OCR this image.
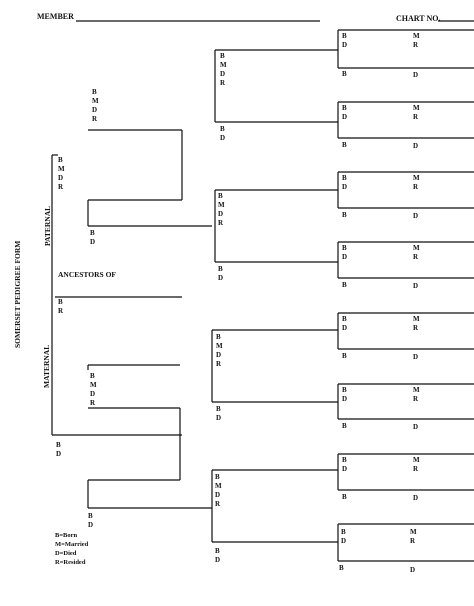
MEMBER	CHART NO.
SOMERSET PEDIGREE FORM
PATERNAL
MATERNAL
ANCESTORS OF
B
M
D
R
B
R
B
D
B
M
D
R
B
D
B
M
D
R
B
D
B
M
D
R
B
D
B
M
D
R
B
D
B
M
D
R
B
D
B
M
D
R
B
D
B
D
M
R
B	D
B
D
M
R
B	D
B
D
M
R
B	D
B
D
M
R
B	D
B
D
M
R
B	D
B
D
M
R
B	D
B
D
M
R
B	D
B
D
M
R
B	D
B=Born
M=Married
D=Died
R=Resided
